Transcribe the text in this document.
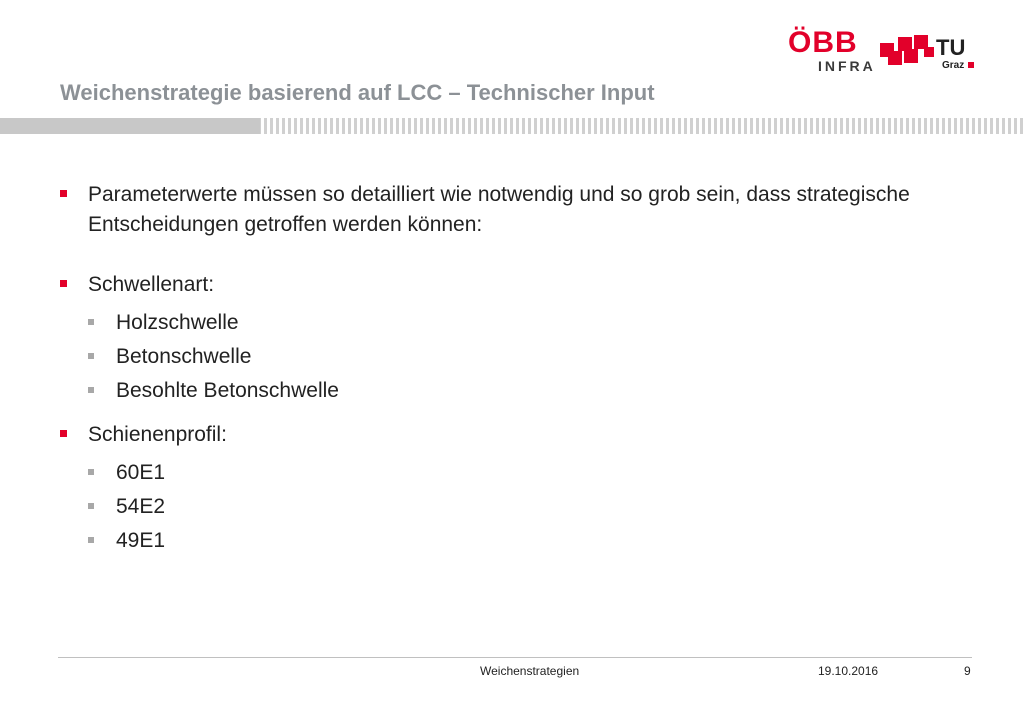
ÖBB
INFRA
TU
Graz
Weichenstrategie basierend auf LCC – Technischer Input
Parameterwerte müssen so detailliert wie notwendig und so grob sein, dass strategische Entscheidungen getroffen werden können:
Schwellenart:
Holzschwelle
Betonschwelle
Besohlte Betonschwelle
Schienenprofil:
60E1
54E2
49E1
Weichenstrategien	19.10.2016	9
